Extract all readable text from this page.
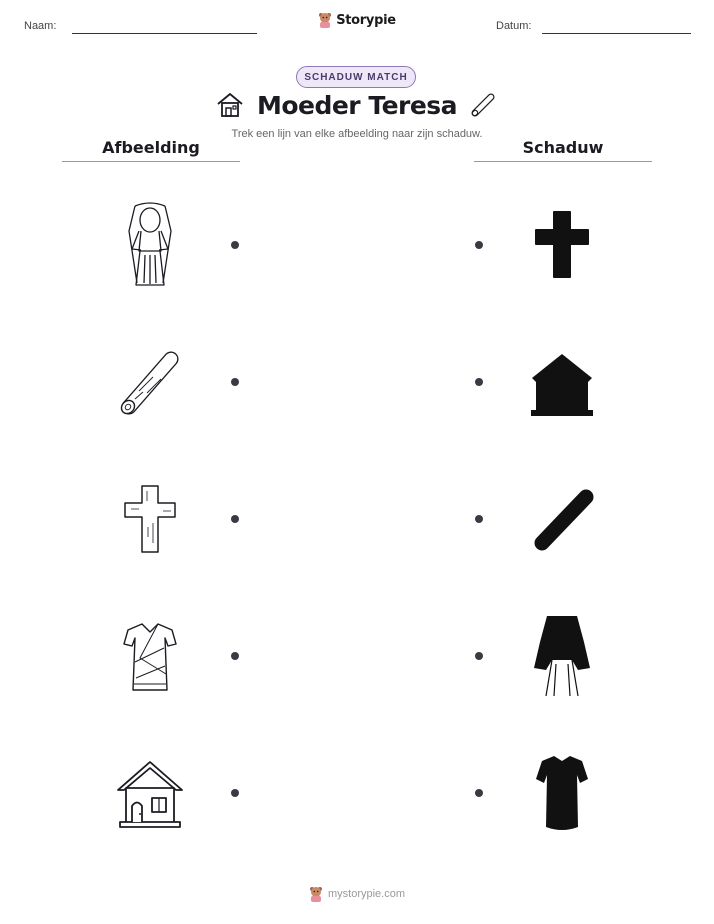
Naam:	Storypie	Datum:
SCHADUW MATCH
Moeder Teresa
Trek een lijn van elke afbeelding naar zijn schaduw.
Afbeelding	Schaduw
mystorypie.com
